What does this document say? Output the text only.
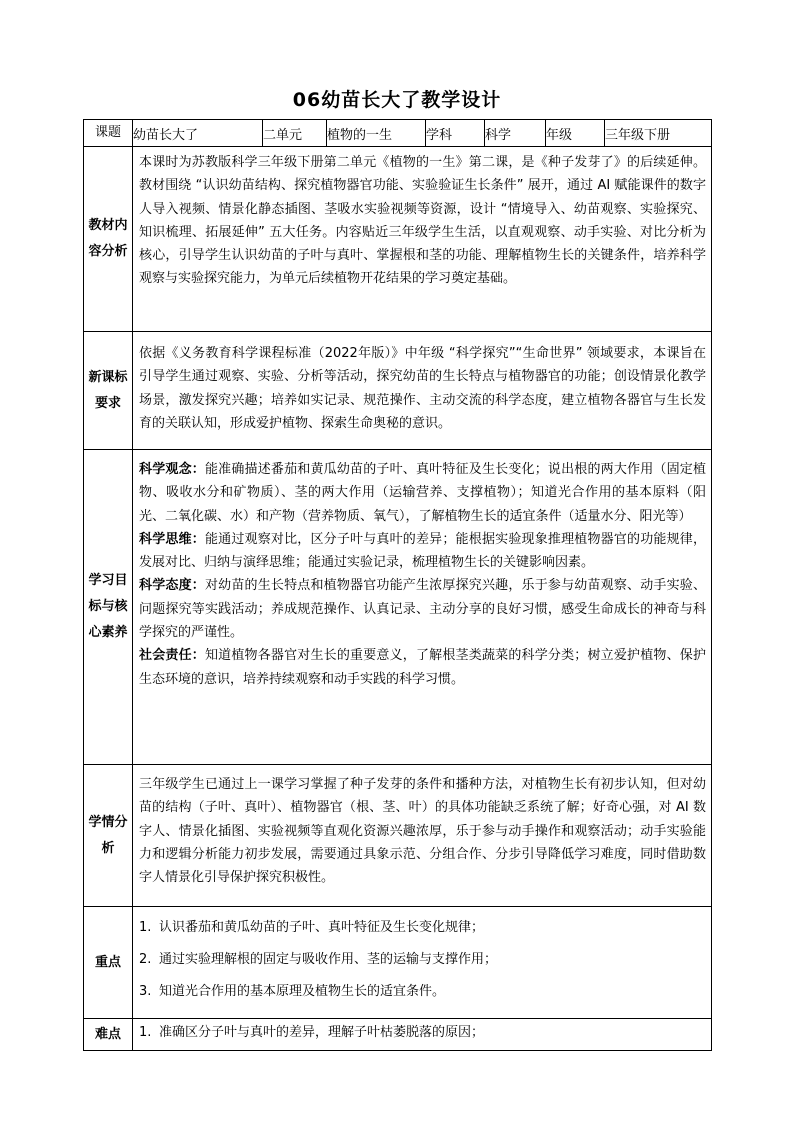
06幼苗长大了教学设计
课题	幼苗长大了	二单元	植物的一生	学科	科学	年级	三年级下册
教材内容分析	本课时为苏教版科学三年级下册第二单元《植物的一生》第二课，是《种子发芽了》的后续延伸。教材围绕 “认识幼苗结构、探究植物器官功能、实验验证生长条件” 展开，通过 AI 赋能课件的数字人导入视频、情景化静态插图、茎吸水实验视频等资源，设计 “情境导入、幼苗观察、实验探究、知识梳理、拓展延伸” 五大任务。内容贴近三年级学生生活，以直观观察、动手实验、对比分析为核心，引导学生认识幼苗的子叶与真叶、掌握根和茎的功能、理解植物生长的关键条件，培养科学观察与实验探究能力，为单元后续植物开花结果的学习奠定基础。						

新课标要求	依据《义务教育科学课程标准（2022年版）》中年级 “科学探究”“生命世界” 领域要求，本课旨在引导学生通过观察、实验、分析等活动，探究幼苗的生长特点与植物器官的功能；创设情景化教学场景，激发探究兴趣；培养如实记录、规范操作、主动交流的科学态度，建立植物各器官与生长发育的关联认知，形成爱护植物、探索生命奥秘的意识。						

学习目标与核心素养	科学观念：能准确描述番茄和黄瓜幼苗的子叶、真叶特征及生长变化；说出根的两大作用（固定植物、吸收水分和矿物质）、茎的两大作用（运输营养、支撑植物）；知道光合作用的基本原料（阳光、二氧化碳、水）和产物（营养物质、氧气），了解植物生长的适宜条件（适量水分、阳光等）

科学思维：能通过观察对比，区分子叶与真叶的差异；能根据实验现象推理植物器官的功能规律，发展对比、归纳与演绎思维；能通过实验记录，梳理植物生长的关键影响因素。

科学态度：对幼苗的生长特点和植物器官功能产生浓厚探究兴趣，乐于参与幼苗观察、动手实验、问题探究等实践活动；养成规范操作、认真记录、主动分享的良好习惯，感受生命成长的神奇与科学探究的严谨性。

社会责任：知道植物各器官对生长的重要意义，了解根茎类蔬菜的科学分类；树立爱护植物、保护生态环境的意识，培养持续观察和动手实践的科学习惯。						

学情分析	三年级学生已通过上一课学习掌握了种子发芽的条件和播种方法，对植物生长有初步认知，但对幼苗的结构（子叶、真叶）、植物器官（根、茎、叶）的具体功能缺乏系统了解；好奇心强，对 AI 数字人、情景化插图、实验视频等直观化资源兴趣浓厚，乐于参与动手操作和观察活动；动手实验能力和逻辑分析能力初步发展，需要通过具象示范、分组合作、分步引导降低学习难度，同时借助数字人情景化引导保护探究积极性。						

重点	1. 认识番茄和黄瓜幼苗的子叶、真叶特征及生长变化规律；

2. 通过实验理解根的固定与吸收作用、茎的运输与支撑作用；

3. 知道光合作用的基本原理及植物生长的适宜条件。						

难点	1. 准确区分子叶与真叶的差异，理解子叶枯萎脱落的原因；						
